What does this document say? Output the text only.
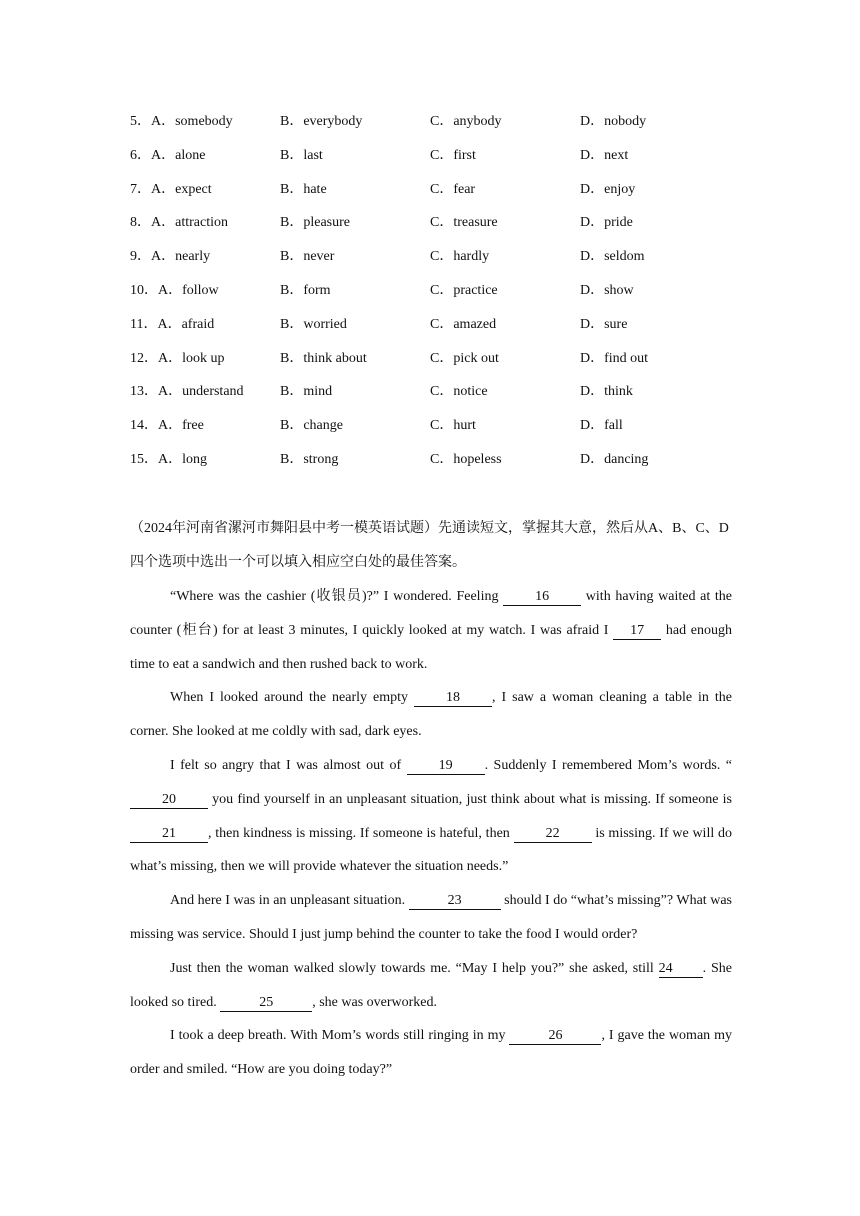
5．A．somebody	B．everybody	C．anybody	D．nobody
6．A．alone	B．last	C．first	D．next
7．A．expect	B．hate	C．fear	D．enjoy
8．A．attraction	B．pleasure	C．treasure	D．pride
9．A．nearly	B．never	C．hardly	D．seldom
10．A．follow	B．form	C．practice	D．show
11．A．afraid	B．worried	C．amazed	D．sure
12．A．look up	B．think about	C．pick out	D．find out
13．A．understand	B．mind	C．notice	D．think
14．A．free	B．change	C．hurt	D．fall
15．A．long	B．strong	C．hopeless	D．dancing

（2024年河南省漯河市舞阳县中考一模英语试题）先通读短文，掌握其大意，然后从A、B、C、D四个选项中选出一个可以填入相应空白处的最佳答案。

“Where was the cashier (收银员)?” I wondered. Feeling 16 with having waited at the counter (柜台) for at least 3 minutes, I quickly looked at my watch. I was afraid I 17 had enough time to eat a sandwich and then rushed back to work.

When I looked around the nearly empty 18 , I saw a woman cleaning a table in the corner. She looked at me coldly with sad, dark eyes.

I felt so angry that I was almost out of 19 . Suddenly I remembered Mom’s words. “20 you find yourself in an unpleasant situation, just think about what is missing. If someone is 21 , then kindness is missing. If someone is hateful, then 22 is missing. If we will do what’s missing, then we will provide whatever the situation needs.”

And here I was in an unpleasant situation.	23	should I do “what’s missing”? What was missing was service. Should I just jump behind the counter to take the food I would order?

Just then the woman walked slowly towards me. “May I help you?” she asked, still 24 . She looked so tired.	25	, she was overworked.

I took a deep breath. With Mom’s words still ringing in my	26	, I gave the woman my order and smiled. “How are you doing today?”
